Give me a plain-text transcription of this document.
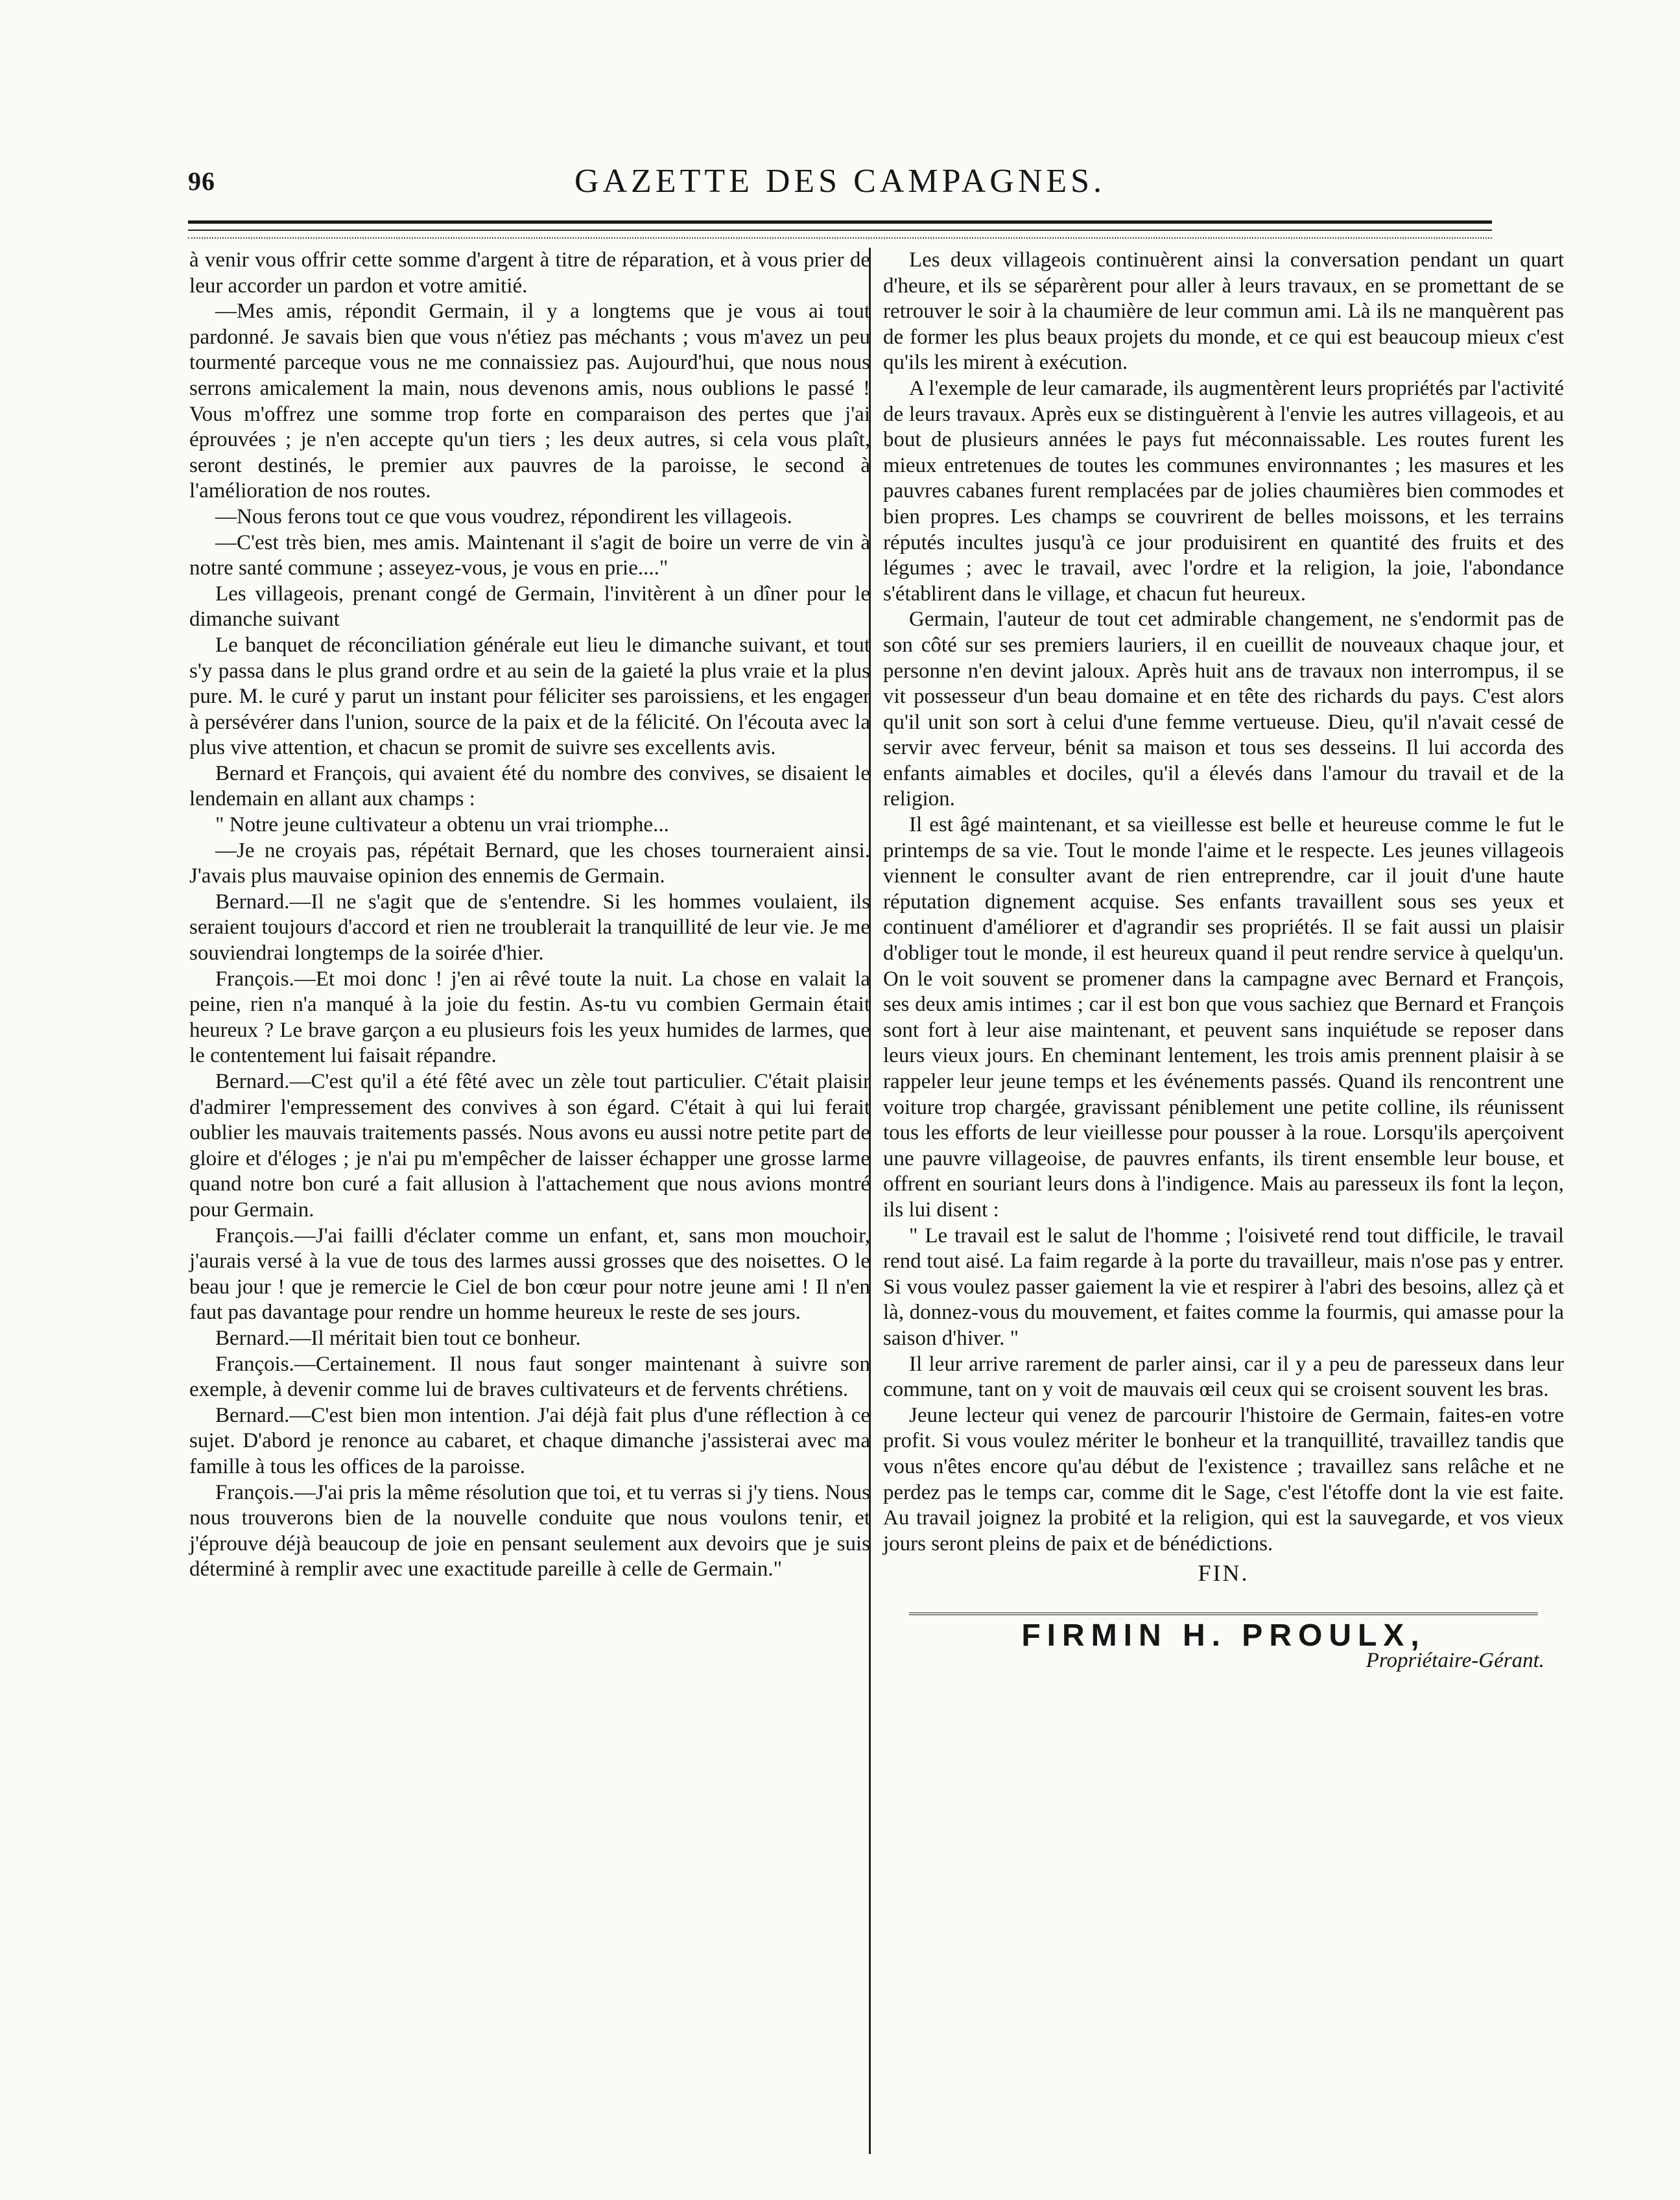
96	GAZETTE DES CAMPAGNES.

à venir vous offrir cette somme d'argent à titre de réparation, et à vous prier de leur accorder un pardon et votre amitié.

—Mes amis, répondit Germain, il y a longtems que je vous ai tout pardonné. Je savais bien que vous n'étiez pas méchants ; vous m'avez un peu tourmenté parceque vous ne me connaissiez pas. Aujourd'hui, que nous nous serrons amicalement la main, nous devenons amis, nous oublions le passé ! Vous m'offrez une somme trop forte en comparaison des pertes que j'ai éprouvées ; je n'en accepte qu'un tiers ; les deux autres, si cela vous plaît, seront destinés, le premier aux pauvres de la paroisse, le second à l'amélioration de nos routes.

—Nous ferons tout ce que vous voudrez, répondirent les villageois.

—C'est très bien, mes amis. Maintenant il s'agit de boire un verre de vin à notre santé commune ; asseyez-vous, je vous en prie...."

Les villageois, prenant congé de Germain, l'invitèrent à un dîner pour le dimanche suivant

Le banquet de réconciliation générale eut lieu le dimanche suivant, et tout s'y passa dans le plus grand ordre et au sein de la gaieté la plus vraie et la plus pure. M. le curé y parut un instant pour féliciter ses paroissiens, et les engager à persévérer dans l'union, source de la paix et de la félicité. On l'écouta avec la plus vive attention, et chacun se promit de suivre ses excellents avis.

Bernard et François, qui avaient été du nombre des convives, se disaient le lendemain en allant aux champs :

" Notre jeune cultivateur a obtenu un vrai triomphe...

—Je ne croyais pas, répétait Bernard, que les choses tourneraient ainsi. J'avais plus mauvaise opinion des ennemis de Germain.

Bernard.—Il ne s'agit que de s'entendre. Si les hommes voulaient, ils seraient toujours d'accord et rien ne troublerait la tranquillité de leur vie. Je me souviendrai longtemps de la soirée d'hier.

François.—Et moi donc ! j'en ai rêvé toute la nuit. La chose en valait la peine, rien n'a manqué à la joie du festin. As-tu vu combien Germain était heureux ? Le brave garçon a eu plusieurs fois les yeux humides de larmes, que le contentement lui faisait répandre.

Bernard.—C'est qu'il a été fêté avec un zèle tout particulier. C'était plaisir d'admirer l'empressement des convives à son égard. C'était à qui lui ferait oublier les mauvais traitements passés. Nous avons eu aussi notre petite part de gloire et d'éloges ; je n'ai pu m'empêcher de laisser échapper une grosse larme quand notre bon curé a fait allusion à l'attachement que nous avions montré pour Germain.

François.—J'ai failli d'éclater comme un enfant, et, sans mon mouchoir, j'aurais versé à la vue de tous des larmes aussi grosses que des noisettes. O le beau jour ! que je remercie le Ciel de bon cœur pour notre jeune ami ! Il n'en faut pas davantage pour rendre un homme heureux le reste de ses jours.

Bernard.—Il méritait bien tout ce bonheur.

François.—Certainement. Il nous faut songer maintenant à suivre son exemple, à devenir comme lui de braves cultivateurs et de fervents chrétiens.

Bernard.—C'est bien mon intention. J'ai déjà fait plus d'une réflection à ce sujet. D'abord je renonce au cabaret, et chaque dimanche j'assisterai avec ma famille à tous les offices de la paroisse.

François.—J'ai pris la même résolution que toi, et tu verras si j'y tiens. Nous nous trouverons bien de la nouvelle conduite que nous voulons tenir, et j'éprouve déjà beaucoup de joie en pensant seulement aux devoirs que je suis déterminé à remplir avec une exactitude pareille à celle de Germain."

Les deux villageois continuèrent ainsi la conversation pendant un quart d'heure, et ils se séparèrent pour aller à leurs travaux, en se promettant de se retrouver le soir à la chaumière de leur commun ami. Là ils ne manquèrent pas de former les plus beaux projets du monde, et ce qui est beaucoup mieux c'est qu'ils les mirent à exécution.

A l'exemple de leur camarade, ils augmentèrent leurs propriétés par l'activité de leurs travaux. Après eux se distinguèrent à l'envie les autres villageois, et au bout de plusieurs années le pays fut méconnaissable. Les routes furent les mieux entretenues de toutes les communes environnantes ; les masures et les pauvres cabanes furent remplacées par de jolies chaumières bien commodes et bien propres. Les champs se couvrirent de belles moissons, et les terrains réputés incultes jusqu'à ce jour produisirent en quantité des fruits et des légumes ; avec le travail, avec l'ordre et la religion, la joie, l'abondance s'établirent dans le village, et chacun fut heureux.

Germain, l'auteur de tout cet admirable changement, ne s'endormit pas de son côté sur ses premiers lauriers, il en cueillit de nouveaux chaque jour, et personne n'en devint jaloux. Après huit ans de travaux non interrompus, il se vit possesseur d'un beau domaine et en tête des richards du pays. C'est alors qu'il unit son sort à celui d'une femme vertueuse. Dieu, qu'il n'avait cessé de servir avec ferveur, bénit sa maison et tous ses desseins. Il lui accorda des enfants aimables et dociles, qu'il a élevés dans l'amour du travail et de la religion.

Il est âgé maintenant, et sa vieillesse est belle et heureuse comme le fut le printemps de sa vie. Tout le monde l'aime et le respecte. Les jeunes villageois viennent le consulter avant de rien entreprendre, car il jouit d'une haute réputation dignement acquise. Ses enfants travaillent sous ses yeux et continuent d'améliorer et d'agrandir ses propriétés. Il se fait aussi un plaisir d'obliger tout le monde, il est heureux quand il peut rendre service à quelqu'un. On le voit souvent se promener dans la campagne avec Bernard et François, ses deux amis intimes ; car il est bon que vous sachiez que Bernard et François sont fort à leur aise maintenant, et peuvent sans inquiétude se reposer dans leurs vieux jours. En cheminant lentement, les trois amis prennent plaisir à se rappeler leur jeune temps et les événements passés. Quand ils rencontrent une voiture trop chargée, gravissant péniblement une petite colline, ils réunissent tous les efforts de leur vieillesse pour pousser à la roue. Lorsqu'ils aperçoivent une pauvre villageoise, de pauvres enfants, ils tirent ensemble leur bouse, et offrent en souriant leurs dons à l'indigence. Mais au paresseux ils font la leçon, ils lui disent :

" Le travail est le salut de l'homme ; l'oisiveté rend tout difficile, le travail rend tout aisé. La faim regarde à la porte du travailleur, mais n'ose pas y entrer. Si vous voulez passer gaiement la vie et respirer à l'abri des besoins, allez çà et là, donnez-vous du mouvement, et faites comme la fourmis, qui amasse pour la saison d'hiver. "

Il leur arrive rarement de parler ainsi, car il y a peu de paresseux dans leur commune, tant on y voit de mauvais œil ceux qui se croisent souvent les bras.

Jeune lecteur qui venez de parcourir l'histoire de Germain, faites-en votre profit. Si vous voulez mériter le bonheur et la tranquillité, travaillez tandis que vous n'êtes encore qu'au début de l'existence ; travaillez sans relâche et ne perdez pas le temps car, comme dit le Sage, c'est l'étoffe dont la vie est faite. Au travail joignez la probité et la religion, qui est la sauvegarde, et vos vieux jours seront pleins de paix et de bénédictions.

FIN.

FIRMIN H. PROULX,
Propriétaire-Gérant.
